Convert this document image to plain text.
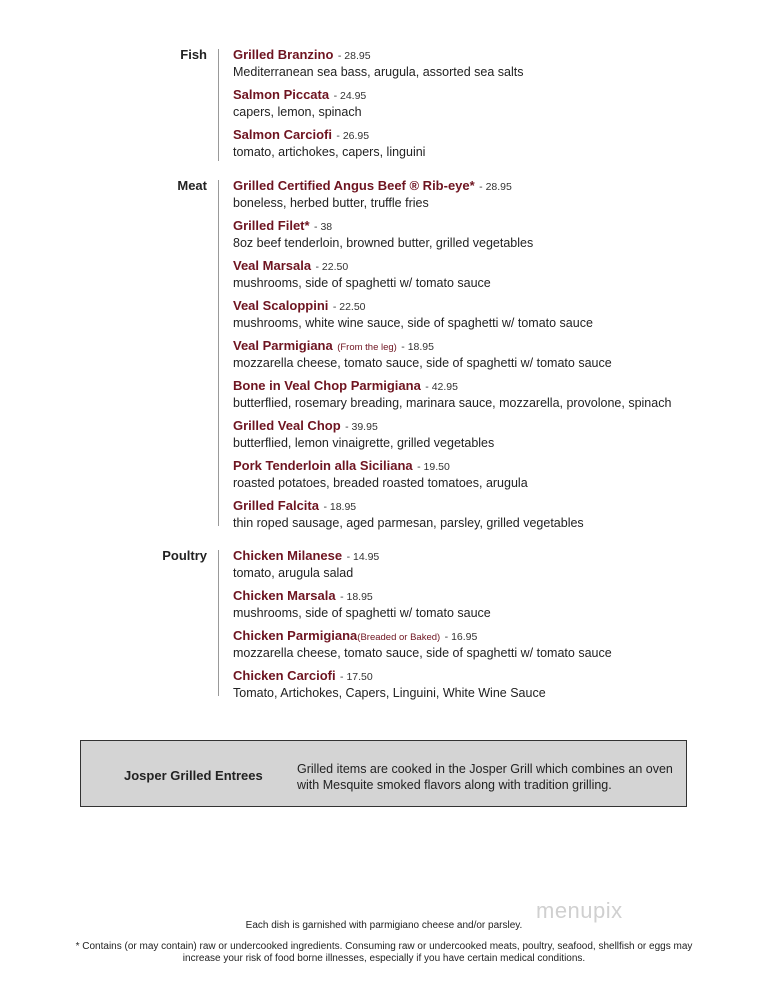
Fish Grilled Branzino - 28.95
Mediterranean sea bass, arugula, assorted sea salts
Salmon Piccata - 24.95
capers, lemon, spinach
Salmon Carciofi - 26.95
tomato, artichokes, capers, linguini
Meat Grilled Certified Angus Beef ® Rib-eye* - 28.95
boneless, herbed butter, truffle fries
Grilled Filet* - 38
8oz beef tenderloin, browned butter, grilled vegetables
Veal Marsala - 22.50
mushrooms, side of spaghetti w/ tomato sauce
Veal Scaloppini - 22.50
mushrooms, white wine sauce, side of spaghetti w/ tomato sauce
Veal Parmigiana (From the leg) - 18.95
mozzarella cheese, tomato sauce, side of spaghetti w/ tomato sauce
Bone in Veal Chop Parmigiana - 42.95
butterflied, rosemary breading, marinara sauce, mozzarella, provolone, spinach
Grilled Veal Chop - 39.95
butterflied, lemon vinaigrette, grilled vegetables
Pork Tenderloin alla Siciliana - 19.50
roasted potatoes, breaded roasted tomatoes, arugula
Grilled Falcita - 18.95
thin roped sausage, aged parmesan, parsley, grilled vegetables
Poultry Chicken Milanese - 14.95
tomato, arugula salad
Chicken Marsala - 18.95
mushrooms, side of spaghetti w/ tomato sauce
Chicken Parmigiana(Breaded or Baked) - 16.95
mozzarella cheese, tomato sauce, side of spaghetti w/ tomato sauce
Chicken Carciofi - 17.50
Tomato, Artichokes, Capers, Linguini, White Wine Sauce
Josper Grilled Entrees	Grilled items are cooked in the Josper Grill which combines an oven with Mesquite smoked flavors along with tradition grilling.
menupix
Each dish is garnished with parmigiano cheese and/or parsley.
* Contains (or may contain) raw or undercooked ingredients. Consuming raw or undercooked meats, poultry, seafood, shellfish or eggs may
increase your risk of food borne illnesses, especially if you have certain medical conditions.
